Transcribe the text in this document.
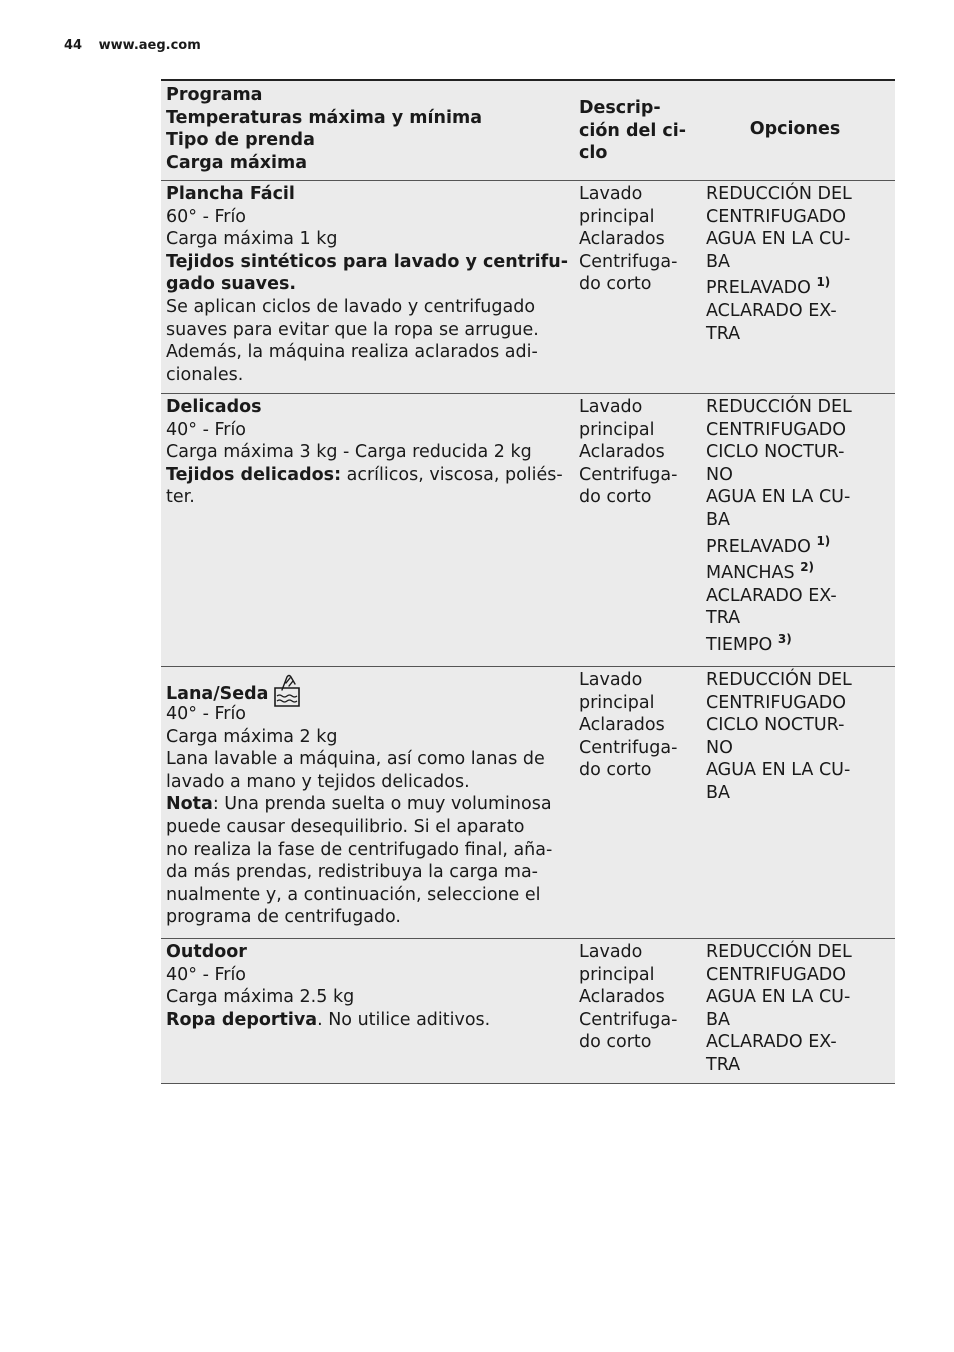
44 www.aeg.com
Programa
Temperaturas máxima y mínima
Tipo de prenda
Carga máxima
Descrip-
ción del ci-
clo
Opciones
Plancha Fácil
60° - Frío
Carga máxima 1 kg
Tejidos sintéticos para lavado y centrifu-
gado suaves.
Se aplican ciclos de lavado y centrifugado
suaves para evitar que la ropa se arrugue.
Además, la máquina realiza aclarados adi-
cionales.
Lavado
principal
Aclarados
Centrifuga-
do corto
REDUCCIÓN DEL
CENTRIFUGADO
AGUA EN LA CU-
BA
PRELAVADO $^{1)}$
ACLARADO EX-
TRA
Delicados
40° - Frío
Carga máxima 3 kg - Carga reducida 2 kg
Tejidos delicados: acrílicos, viscosa, poliés-
ter.
Lavado
principal
Aclarados
Centrifuga-
do corto
REDUCCIÓN DEL
CENTRIFUGADO
CICLO NOCTUR-
NO
AGUA EN LA CU-
BA
PRELAVADO $^{1)}$
MANCHAS $^{2)}$
ACLARADO EX-
TRA
TIEMPO $^{3)}$
Lana/Seda
40° - Frío
Carga máxima 2 kg
Lana lavable a máquina, así como lanas de
lavado a mano y tejidos delicados.
Nota: Una prenda suelta o muy voluminosa
puede causar desequilibrio. Si el aparato
no realiza la fase de centrifugado final, aña-
da más prendas, redistribuya la carga ma-
nualmente y, a continuación, seleccione el
programa de centrifugado.
Lavado
principal
Aclarados
Centrifuga-
do corto
REDUCCIÓN DEL
CENTRIFUGADO
CICLO NOCTUR-
NO
AGUA EN LA CU-
BA
Outdoor
40° - Frío
Carga máxima 2.5 kg
Ropa deportiva. No utilice aditivos.
Lavado
principal
Aclarados
Centrifuga-
do corto
REDUCCIÓN DEL
CENTRIFUGADO
AGUA EN LA CU-
BA
ACLARADO EX-
TRA
